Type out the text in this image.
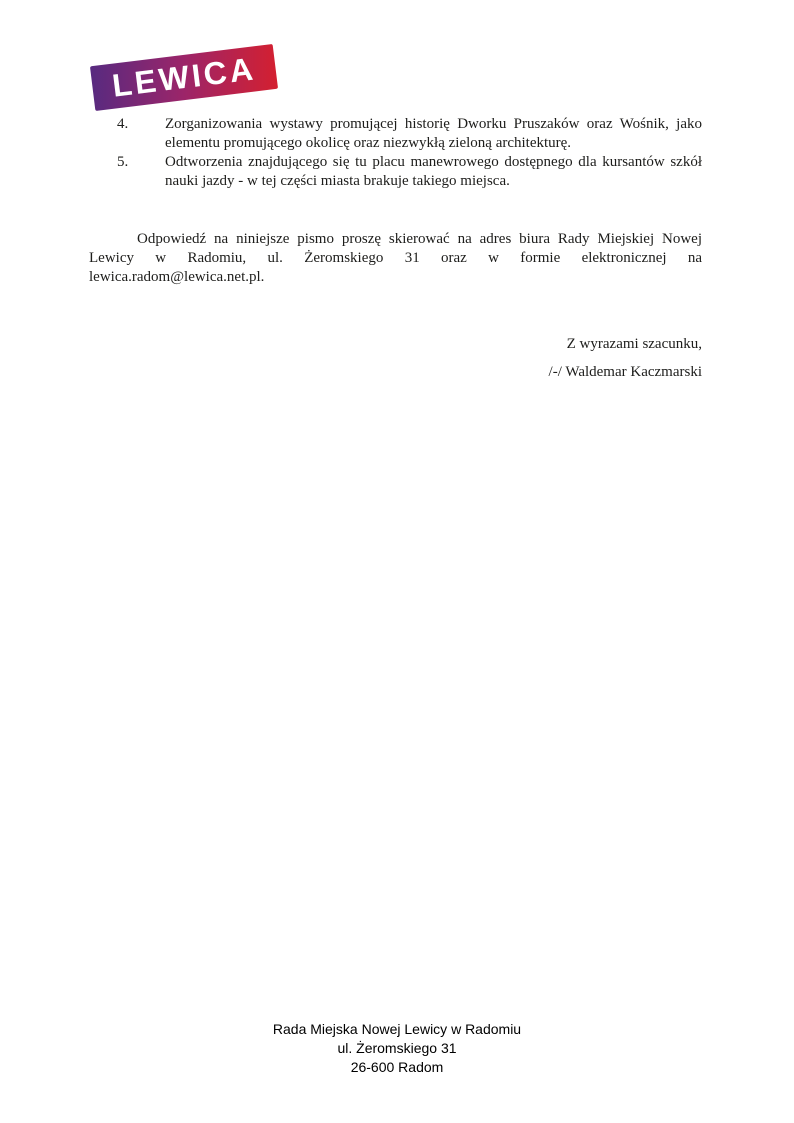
LEWICA
4.	Zorganizowania wystawy promującej historię Dworku Pruszaków oraz Wośnik, jako elementu promującego okolicę oraz niezwykłą zieloną architekturę.
5.	Odtworzenia znajdującego się tu placu manewrowego dostępnego dla kursantów szkół nauki jazdy - w tej części miasta brakuje takiego miejsca.

Odpowiedź na niniejsze pismo proszę skierować na adres biura Rady Miejskiej Nowej Lewicy w Radomiu, ul. Żeromskiego 31 oraz w formie elektronicznej na lewica.radom@lewica.net.pl.

Z wyrazami szacunku,
/-/ Waldemar Kaczmarski
Rada Miejska Nowej Lewicy w Radomiu
ul. Żeromskiego 31
26-600 Radom
